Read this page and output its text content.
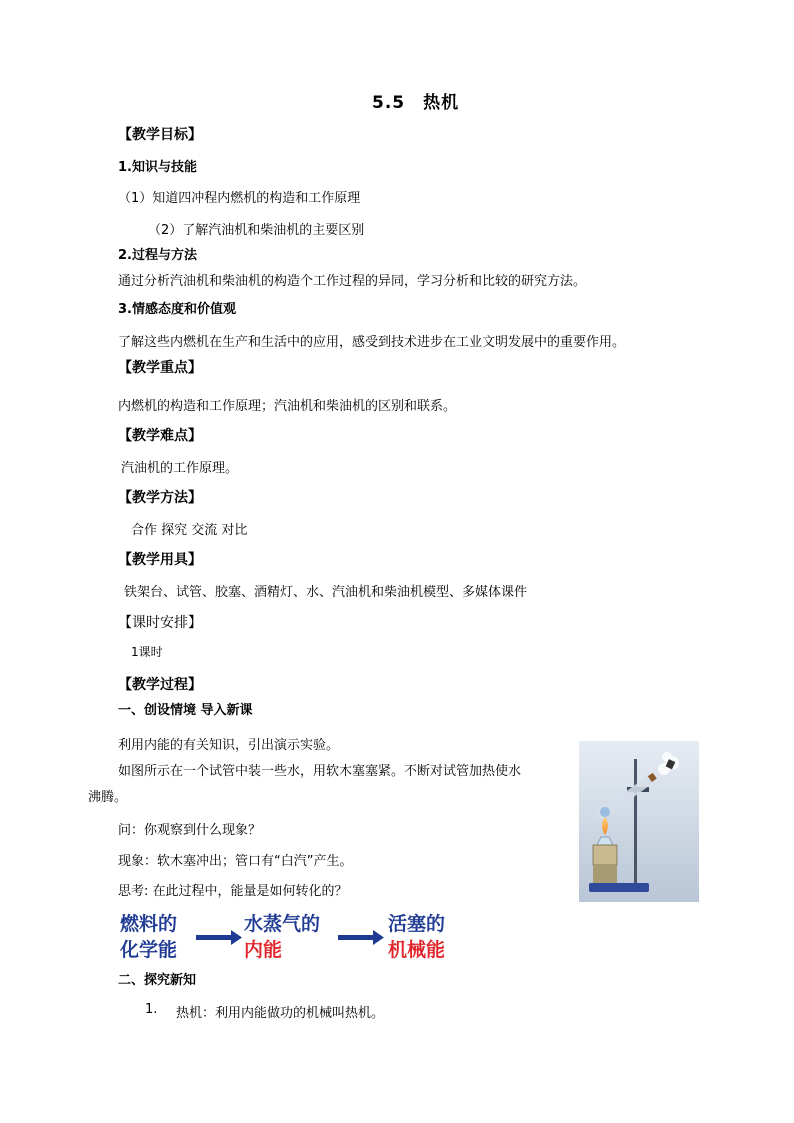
5.5　热机
【教学目标】
1.知识与技能
（1）知道四冲程内燃机的构造和工作原理
（2）了解汽油机和柴油机的主要区别
2.过程与方法
通过分析汽油机和柴油机的构造个工作过程的异同，学习分析和比较的研究方法。
3.情感态度和价值观
了解这些内燃机在生产和生活中的应用，感受到技术进步在工业文明发展中的重要作用。
【教学重点】
内燃机的构造和工作原理；汽油机和柴油机的区别和联系。
【教学难点】
汽油机的工作原理。
【教学方法】
合作 探究 交流 对比
【教学用具】
铁架台、试管、胶塞、酒精灯、水、汽油机和柴油机模型、多媒体课件
【课时安排】
1课时
【教学过程】
一、创设情境 导入新课
利用内能的有关知识，引出演示实验。
如图所示在一个试管中装一些水，用软木塞塞紧。不断对试管加热使水
沸腾。
问：你观察到什么现象？
现象：软木塞冲出；管口有“白汽”产生。
思考: 在此过程中，能量是如何转化的？
燃料的
化学能
水蒸气的
内能
活塞的
机械能
二、探究新知
1. 热机：利用内能做功的机械叫热机。
